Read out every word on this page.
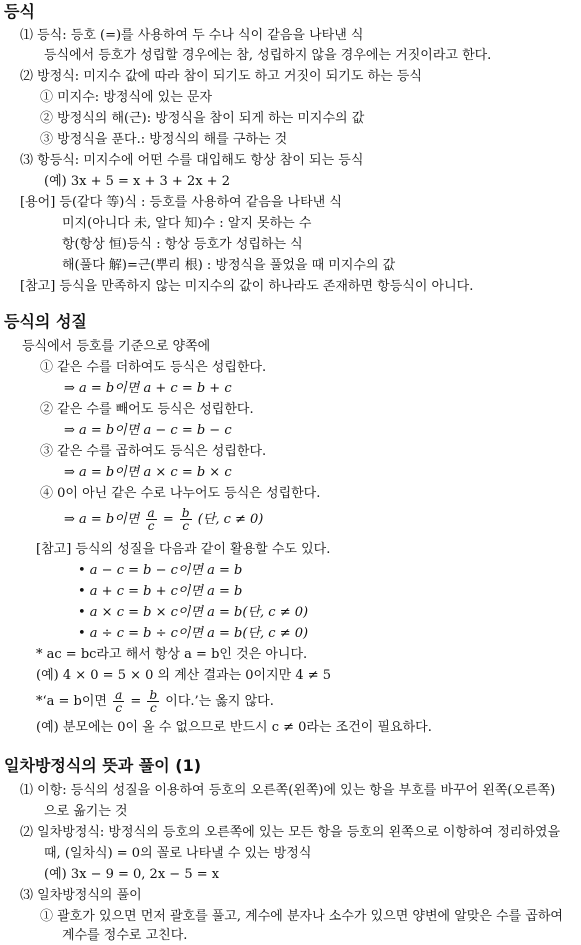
등식
⑴ 등식: 등호 (=)를 사용하여 두 수나 식이 같음을 나타낸 식
등식에서 등호가 성립할 경우에는 참, 성립하지 않을 경우에는 거짓이라고 한다.
⑵ 방정식: 미지수 값에 따라 참이 되기도 하고 거짓이 되기도 하는 등식
① 미지수: 방정식에 있는 문자
② 방정식의 해(근): 방정식을 참이 되게 하는 미지수의 값
③ 방정식을 푼다.: 방정식의 해를 구하는 것
⑶ 항등식: 미지수에 어떤 수를 대입해도 항상 참이 되는 등식
(예) 3x + 5 = x + 3 + 2x + 2
[용어] 등(같다 等)식 : 등호를 사용하여 같음을 나타낸 식
미지(아니다 未, 알다 知)수 : 알지 못하는 수
항(항상 恒)등식 : 항상 등호가 성립하는 식
해(풀다 解)=근(뿌리 根) : 방정식을 풀었을 때 미지수의 값
[참고] 등식을 만족하지 않는 미지수의 값이 하나라도 존재하면 항등식이 아니다.
등식의 성질
등식에서 등호를 기준으로 양쪽에
① 같은 수를 더하여도 등식은 성립한다.
⇒ a = b이면 a + c = b + c
② 같은 수를 빼어도 등식은 성립한다.
⇒ a = b이면 a − c = b − c
③ 같은 수를 곱하여도 등식은 성립한다.
⇒ a = b이면 a × c = b × c
④ 0이 아닌 같은 수로 나누어도 등식은 성립한다.
⇒ a = b이면 $\frac{a}{c} = \frac{b}{c}$ (단, c ≠ 0)
[참고] 등식의 성질을 다음과 같이 활용할 수도 있다.
• a − c = b − c이면 a = b
• a + c = b + c이면 a = b
• a × c = b × c이면 a = b(단, c ≠ 0)
• a ÷ c = b ÷ c이면 a = b(단, c ≠ 0)
* ac = bc라고 해서 항상 a = b인 것은 아니다.
(예) 4 × 0 = 5 × 0 의 계산 결과는 0이지만 4 ≠ 5
*‘a = b이면 $\frac{a}{c} = \frac{b}{c}$ 이다.’는 옳지 않다.
(예) 분모에는 0이 올 수 없으므로 반드시 c ≠ 0라는 조건이 필요하다.
일차방정식의 뜻과 풀이 (1)
⑴ 이항: 등식의 성질을 이용하여 등호의 오른쪽(왼쪽)에 있는 항을 부호를 바꾸어 왼쪽(오른쪽)
으로 옮기는 것
⑵ 일차방정식: 방정식의 등호의 오른쪽에 있는 모든 항을 등호의 왼쪽으로 이항하여 정리하였을
때, (일차식) = 0의 꼴로 나타낼 수 있는 방정식
(예) 3x − 9 = 0, 2x − 5 = x
⑶ 일차방정식의 풀이
① 괄호가 있으면 먼저 괄호를 풀고, 계수에 분자나 소수가 있으면 양변에 알맞은 수를 곱하여
계수를 정수로 고친다.
